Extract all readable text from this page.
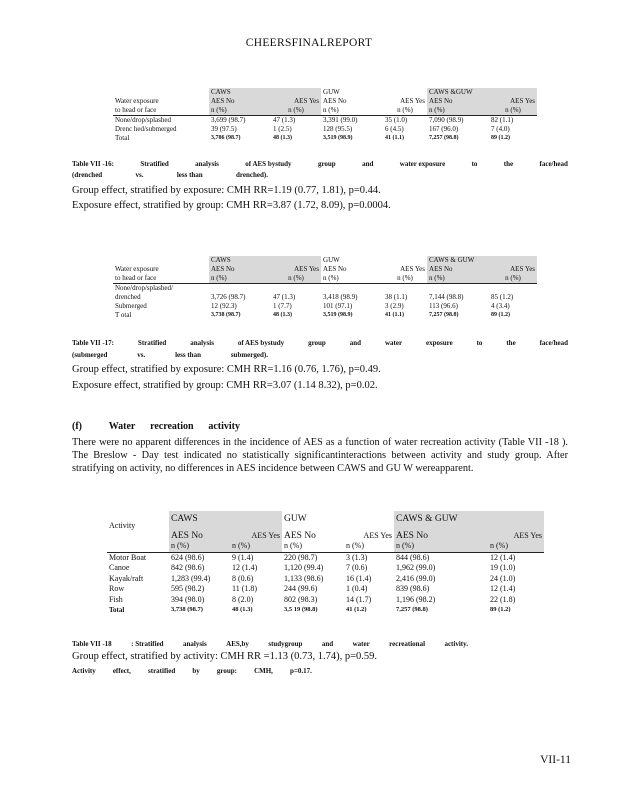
CHEERSFINALREPORT
	CAWS		GUW		CAWS &GUW	
Water exposure	AES No	AES Yes	AES No	AES Yes	AES No	AES Yes
to head or face	n (%)	n (%)	n (%)	n (%)	n (%)	n (%)
None/drop/splashed	3,699 (98.7)	47 (1.3)	3,391 (99.0)	35 (1.0)	7,090 (98.9)	82 (1.1)
Drenc hed/submerged	39 (97.5)	1 (2.5)	128 (95.5)	6 (4.5)	167 (96.0)	7 (4.0)
Total	3,786 (98.7)	48 (1.3)	3,519 (98.9)	41 (1.1)	7,257 (98.8)	89 (1.2)
Table VII -16:	Stratified	analysis	of AES bystudy	group	and	water exposure	to	the	face/head
(drenched	vs.	less than	drenched).
Group effect, stratified by exposure: CMH RR=1.19 (0.77, 1.81), p=0.44.
Exposure effect, stratified by group: CMH RR=3.87 (1.72, 8.09), p=0.0004.
	CAWS		GUW		CAWS & GUW	
Water exposure	AES No	AES Yes	AES No	AES Yes	AES No	AES Yes
to head or face	n (%)	n (%)	n (%)	n (%)	n (%)	n (%)
None/drop/splashed/						
drenched	3,726 (98.7)	47 (1.3)	3,418 (98.9)	38 (1.1)	7,144 (98.8)	85 (1.2)
Submerged	12 (92.3)	1 (7.7)	101 (97.1)	3 (2.9)	113 (96.6)	4 (3.4)
T otal	3,738 (98.7)	48 (1.3)	3,519 (98.9)	41 (1.1)	7,257 (98.8)	89 (1.2)
Table VII -17:	Stratified	analysis	of AES bystudy	group	and	water	exposure	to	the	face/head
(submerged	vs.	less than	submerged).
Group effect, stratified by exposure: CMH RR=1.16 (0.76, 1.76), p=0.49.
Exposure effect, stratified by group: CMH RR=3.07 (1.14 8.32), p=0.02.
(f)	Water recreation activity
There were no apparent differences in the incidence of AES as a function of water recreation activity (Table VII -18 ). The Breslow - Day test indicated no statistically significantinteractions between activity and study group. After stratifying on activity, no differences in AES incidence between CAWS and GU W wereapparent.
Activity	CAWS		GUW		CAWS & GUW	
	AES No	AES Yes	AES No	AES Yes	AES No	AES Yes
	n (%)	n (%)	n (%)	n (%)	n (%)	n (%)
Motor Boat	624 (98.6)	9 (1.4)	220 (98.7)	3 (1.3)	844 (98.6)	12 (1.4)
Canoe	842 (98.6)	12 (1.4)	1,120 (99.4)	7 (0.6)	1,962 (99.0)	19 (1.0)
Kayak/raft	1,283 (99.4)	8 (0.6)	1,133 (98.6)	16 (1.4)	2,416 (99.0)	24 (1.0)
Row	595 (98.2)	11 (1.8)	244 (99.6)	1 (0.4)	839 (98.6)	12 (1.4)
Fish	394 (98.0)	8 (2.0)	802 (98.3)	14 (1.7)	1,196 (98.2)	22 (1.8)
Total	3,738 (98.7)	48 (1.3)	3,5 19 (98.8)	41 (1.2)	7,257 (98.8)	89 (1.2)
Table VII -18	: Stratified	analysis	AES,by	studygroup	and	water	recreational	activity.
Group effect, stratified by activity: CMH RR =1.13 (0.73, 1.74), p=0.59.
Activity effect, stratified by group: CMH, p=0.17.
VII-11
